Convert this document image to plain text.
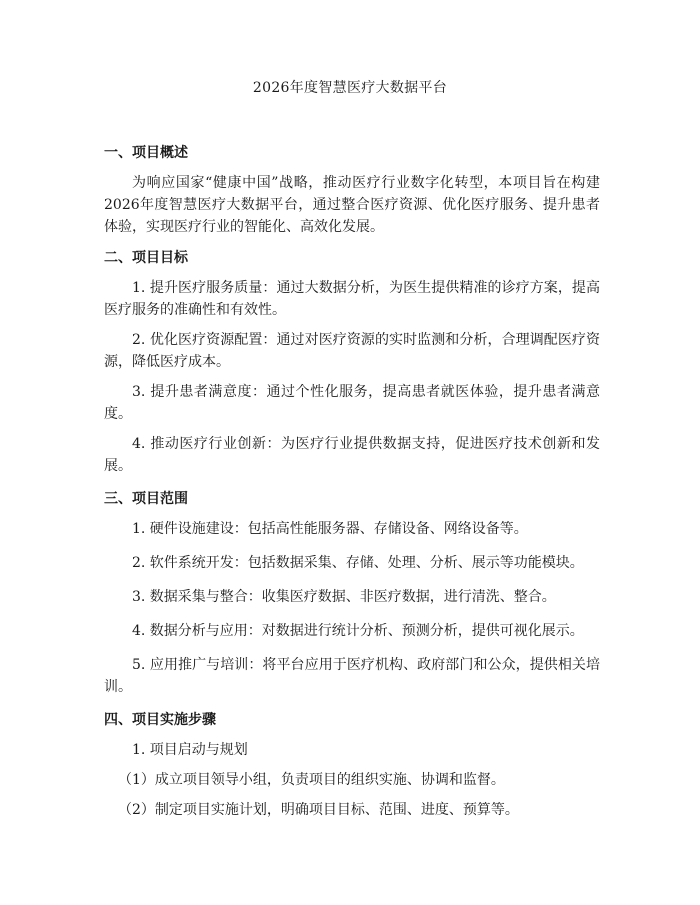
2026年度智慧医疗大数据平台
一、项目概述
为响应国家“健康中国”战略，推动医疗行业数字化转型，本项目旨在构建2026年度智慧医疗大数据平台，通过整合医疗资源、优化医疗服务、提升患者体验，实现医疗行业的智能化、高效化发展。
二、项目目标
1. 提升医疗服务质量：通过大数据分析，为医生提供精准的诊疗方案，提高医疗服务的准确性和有效性。
2. 优化医疗资源配置：通过对医疗资源的实时监测和分析，合理调配医疗资源，降低医疗成本。
3. 提升患者满意度：通过个性化服务，提高患者就医体验，提升患者满意度。
4. 推动医疗行业创新：为医疗行业提供数据支持，促进医疗技术创新和发展。
三、项目范围
1. 硬件设施建设：包括高性能服务器、存储设备、网络设备等。
2. 软件系统开发：包括数据采集、存储、处理、分析、展示等功能模块。
3. 数据采集与整合：收集医疗数据、非医疗数据，进行清洗、整合。
4. 数据分析与应用：对数据进行统计分析、预测分析，提供可视化展示。
5. 应用推广与培训：将平台应用于医疗机构、政府部门和公众，提供相关培训。
四、项目实施步骤
1. 项目启动与规划
（1）成立项目领导小组，负责项目的组织实施、协调和监督。
（2）制定项目实施计划，明确项目目标、范围、进度、预算等。
